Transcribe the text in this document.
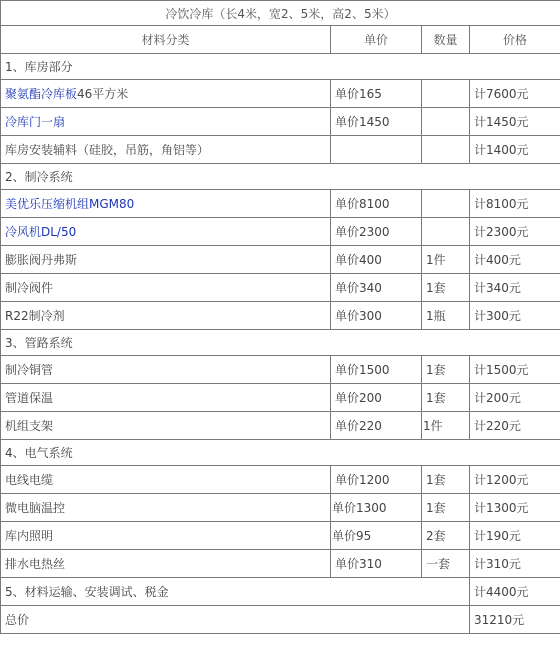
冷饮冷库（长4米，宽2、5米，高2、5米）			
材料分类	单价	数量	价格
1、库房部分			
聚氨酯冷库板46平方米	单价165		计7600元
冷库门一扇	单价1450		计1450元
库房安装辅料（硅胶，吊筋，角铝等）			计1400元
2、制冷系统			
美优乐压缩机组MGM80	单价8100		计8100元
冷风机DL/50	单价2300		计2300元
膨胀阀丹弗斯	单价400	1件	计400元
制冷阀件	单价340	1套	计340元
R22制冷剂	单价300	1瓶	计300元
3、管路系统			
制冷铜管	单价1500	1套	计1500元
管道保温	单价200	1套	计200元
机组支架	单价220	1件	计220元
4、电气系统			
电线电缆	单价1200	1套	计1200元
微电脑温控	单价1300	1套	计1300元
库内照明	单价95	2套	计190元
排水电热丝	单价310	一套	计310元
5、材料运输、安装调试、税金			计4400元
总价			31210元
